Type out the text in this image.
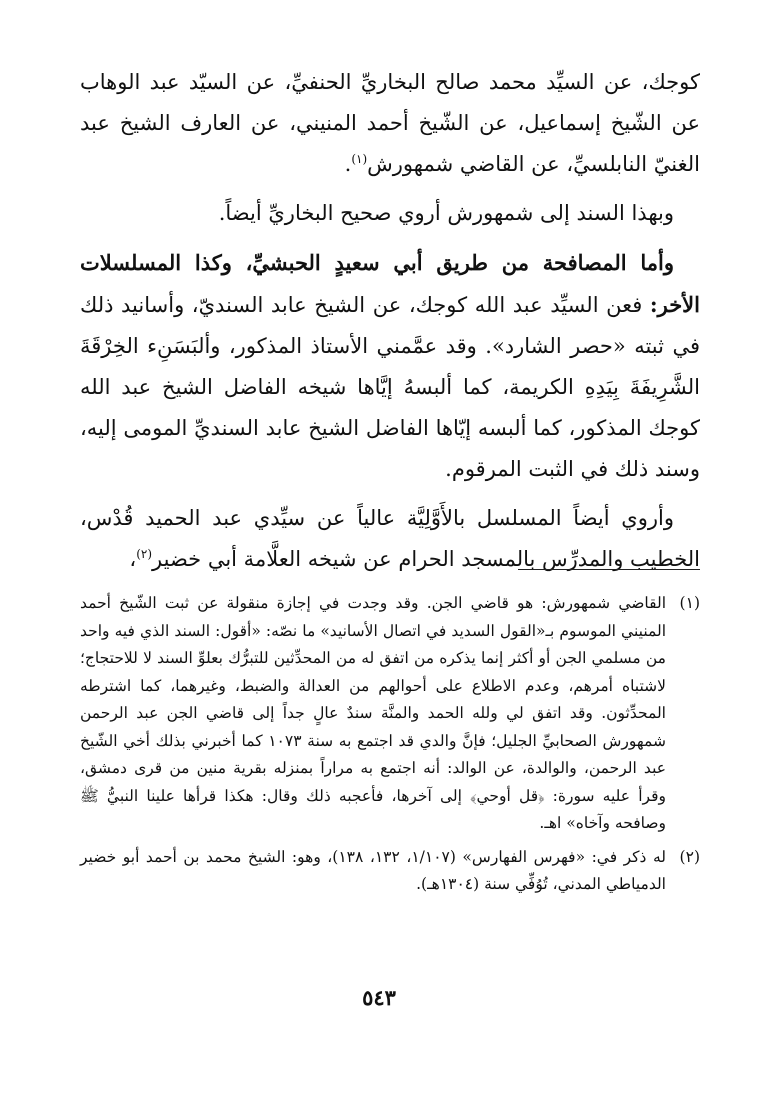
كوجك، عن السيِّد محمد صالح البخاريِّ الحنفيِّ، عن السيّد عبد الوهاب عن الشّيخ إسماعيل، عن الشّيخ أحمد المنيني، عن العارف الشيخ عبد الغنيّ النابلسيِّ، عن القاضي شمهورش$^{(١)}$.

وبهذا السند إلى شمهورش أروي صحيح البخاريِّ أيضاً.

وأما المصافحة من طريق أبي سعيدٍ الحبشيِّ، وكذا المسلسلات الأخر: فعن السيِّد عبد الله كوجك، عن الشيخ عابد السنديّ، وأسانيد ذلك في ثبته «حصر الشارد». وقد عمَّمني الأستاذ المذكور، وألبَسَنِء الخِرْقَةَ الشَّرِيفَةَ بِيَدِهِ الكريمة، كما ألبسهُ إيَّاها شيخه الفاضل الشيخ عبد الله كوجك المذكور، كما ألبسه إيّاها الفاضل الشيخ عابد السنديِّ المومى إليه، وسند ذلك في الثبت المرقوم.

وأروي أيضاً المسلسل بالأَوَّلِيَّة عالياً عن سيِّدي عبد الحميد قُدْس، الخطيب والمدرِّس بالمسجد الحرام عن شيخه العلَّامة أبي خضير$^{(٢)}$،

(١)
القاضي شمهورش: هو قاضي الجن. وقد وجدت في إجازة منقولة عن ثبت الشّيخ أحمد المنيني الموسوم بـ«القول السديد في اتصال الأسانيد» ما نصّه: «أقول: السند الذي فيه واحد من مسلمي الجن أو أكثر إنما يذكره من اتفق له من المحدِّثين للتبرُّك بعلوِّ السند لا للاحتجاج؛ لاشتباه أمرهم، وعدم الاطلاع على أحوالهم من العدالة والضبط، وغيرهما، كما اشترطه المحدِّثون. وقد اتفق لي ولله الحمد والمنَّة سندٌ عالٍ جداً إلى قاضي الجن عبد الرحمن شمهورش الصحابيِّ الجليل؛ فإنَّ والدي قد اجتمع به سنة ١٠٧٣ كما أخبرني بذلك أخي الشّيخ عبد الرحمن، والوالدة، عن الوالد: أنه اجتمع به مراراً بمنزله بقرية منين من قرى دمشق، وقرأ عليه سورة: ﴿قل أوحي﴾ إلى آخرها، فأعجبه ذلك وقال: هكذا قرأها علينا النبيُّ ﷺ وصافحه وآخاه» اهـ.
(٢)
له ذكر في: «فهرس الفهارس» (١/١٠٧، ١٣٢، ١٣٨)، وهو: الشيخ محمد بن أحمد أبو خضير الدمياطي المدني، تُوُفِّي سنة (١٣٠٤هـ).
٥٤٣
